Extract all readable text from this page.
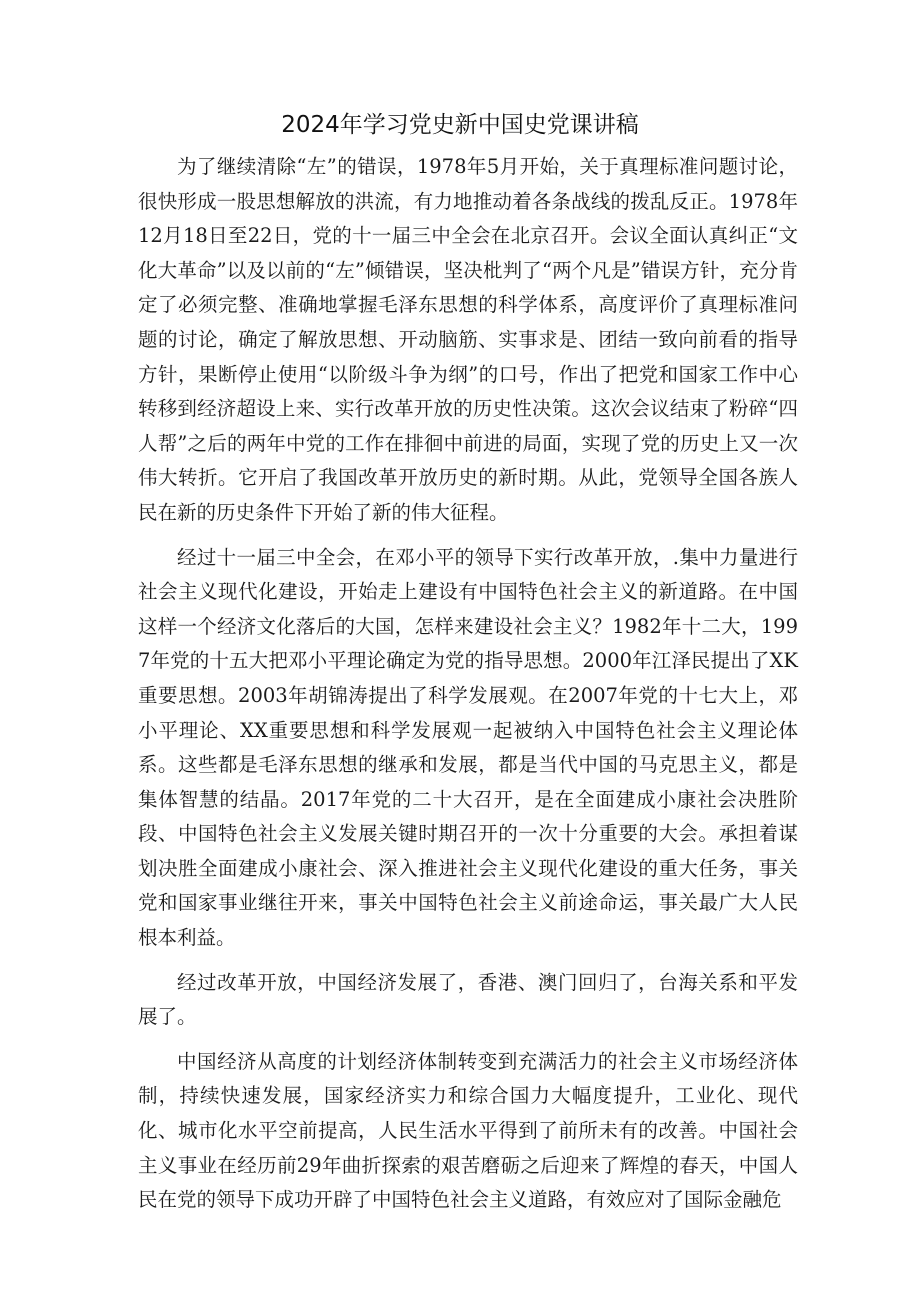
2024年学习党史新中国史党课讲稿

为了继续清除“左”的错误，1978年5月开始，关于真理标准问题讨论，很快形成一股思想解放的洪流，有力地推动着各条战线的拨乱反正。1978年12月18日至22日，党的十一届三中全会在北京召开。会议全面认真纠正“文化大革命”以及以前的“左”倾错误，坚决枇判了“两个凡是”错误方针，充分肯定了必须完整、准确地掌握毛泽东思想的科学体系，高度评价了真理标准问题的讨论，确定了解放思想、开动脑筋、实事求是、团结一致向前看的指导方针，果断停止使用“以阶级斗争为纲”的口号，作出了把党和国家工作中心转移到经济超设上来、实行改革开放的历史性决策。这次会议结束了粉碎“四人帮”之后的两年中党的工作在排徊中前进的局面，实现了党的历史上又一次伟大转折。它开启了我国改革开放历史的新时期。从此，党领导全国各族人民在新的历史条件下开始了新的伟大征程。

经过十一届三中全会，在邓小平的领导下实行改革开放，.集中力量进行社会主义现代化建设，开始走上建设有中国特色社会主义的新道路。在中国这样一个经济文化落后的大国，怎样来建设社会主义？1982年十二大，1997年党的十五大把邓小平理论确定为党的指导思想。2000年江泽民提出了XK重要思想。2003年胡锦涛提出了科学发展观。在2007年党的十七大上，邓小平理论、XX重要思想和科学发展观一起被纳入中国特色社会主义理论体系。这些都是毛泽东思想的继承和发展，都是当代中国的马克思主义，都是集体智慧的结晶。2017年党的二十大召开，是在全面建成小康社会决胜阶段、中国特色社会主义发展关键时期召开的一次十分重要的大会。承担着谋划决胜全面建成小康社会、深入推进社会主义现代化建设的重大任务，事关党和国家事业继往开来，事关中国特色社会主义前途命运，事关最广大人民根本利益。

经过改革开放，中国经济发展了，香港、澳门回归了，台海关系和平发展了。

中国经济从高度的计划经济体制转变到充满活力的社会主义市场经济体制，持续快速发展，国家经济实力和综合国力大幅度提升，工业化、现代化、城市化水平空前提高，人民生活水平得到了前所未有的改善。中国社会主义事业在经历前29年曲折探索的艰苦磨砺之后迎来了辉煌的春天，中国人民在党的领导下成功开辟了中国特色社会主义道路，有效应对了国际金融危
